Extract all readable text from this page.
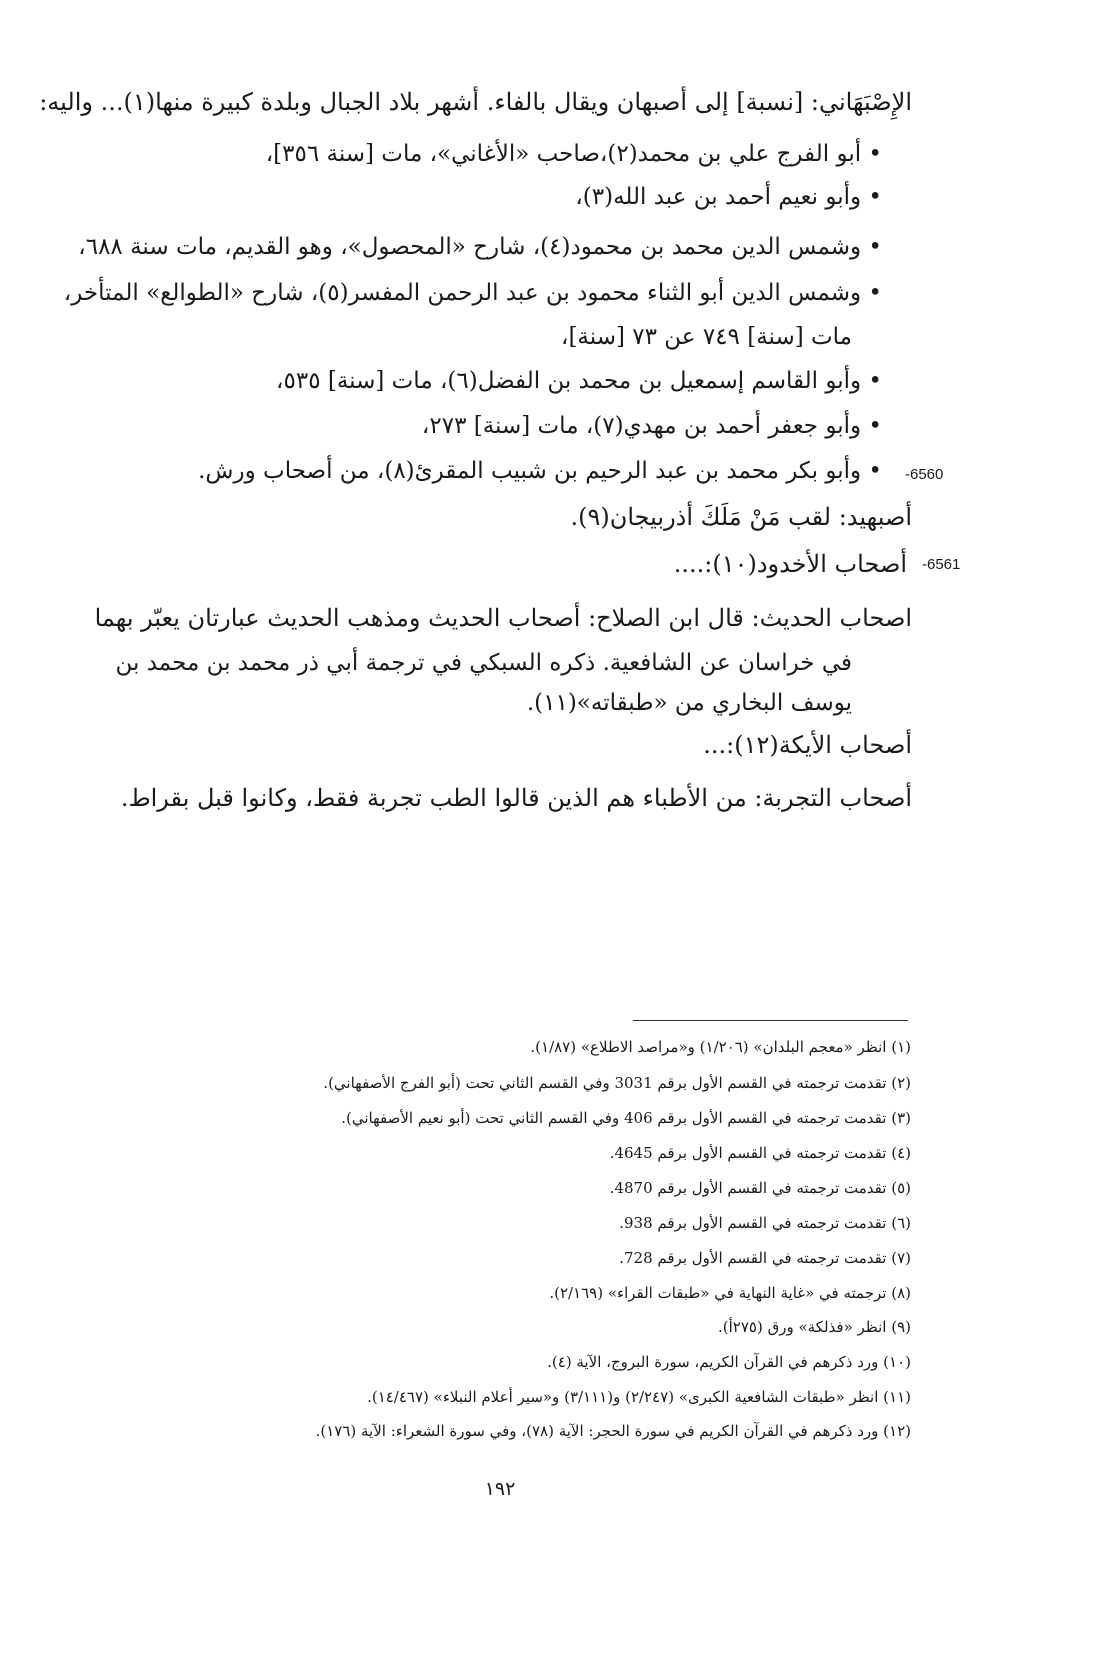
الإِصْبَهَاني: [نسبة] إلى أصبهان ويقال بالفاء. أشهر بلاد الجبال وبلدة كبيرة منها(١)... واليه:
• أبو الفرج علي بن محمد(٢)،صاحب «الأغاني»، مات [سنة ٣٥٦]،
• وأبو نعيم أحمد بن عبد الله(٣)،
• وشمس الدين محمد بن محمود(٤)، شارح «المحصول»، وهو القديم، مات سنة ٦٨٨،
• وشمس الدين أبو الثناء محمود بن عبد الرحمن المفسر(٥)، شارح «الطوالع» المتأخر،
مات [سنة] ٧٤٩ عن ٧٣ [سنة]،
• وأبو القاسم إسمعيل بن محمد بن الفضل(٦)، مات [سنة] ٥٣٥،
• وأبو جعفر أحمد بن مهدي(٧)، مات [سنة] ٢٧٣،
• وأبو بكر محمد بن عبد الرحيم بن شبيب المقرئ(٨)، من أصحاب ورش. -6560
أصبهيد: لقب مَنْ مَلَكَ أذربيجان(٩).
أصحاب الأخدود(١٠):.... -6561
اصحاب الحديث: قال ابن الصلاح: أصحاب الحديث ومذهب الحديث عبارتان يعبّر بهما
في خراسان عن الشافعية. ذكره السبكي في ترجمة أبي ذر محمد بن محمد بن
يوسف البخاري من «طبقاته»(١١).
أصحاب الأيكة(١٢):...
أصحاب التجربة: من الأطباء هم الذين قالوا الطب تجربة فقط، وكانوا قبل بقراط.
(١) انظر «معجم البلدان» (١/٢٠٦) و«مراصد الاطلاع» (١/٨٧).
(٢) تقدمت ترجمته في القسم الأول برقم 3031 وفي القسم الثاني تحت (أبو الفرج الأصفهاني).
(٣) تقدمت ترجمته في القسم الأول برقم 406 وفي القسم الثاني تحت (أبو نعيم الأصفهاني).
(٤) تقدمت ترجمته في القسم الأول برقم 4645.
(٥) تقدمت ترجمته في القسم الأول برقم 4870.
(٦) تقدمت ترجمته في القسم الأول برقم 938.
(٧) تقدمت ترجمته في القسم الأول برقم 728.
(٨) ترجمته في «غاية النهاية في «طبقات القراء» (٢/١٦٩).
(٩) انظر «فذلكة» ورق (٢٧٥أ).
(١٠) ورد ذكرهم في القرآن الكريم، سورة البروج، الآية (٤).
(١١) انظر «طبقات الشافعية الكبرى» (٢/٢٤٧) و(٣/١١١) و«سير أعلام النبلاء» (١٤/٤٦٧).
(١٢) ورد ذكرهم في القرآن الكريم في سورة الحجر: الآية (٧٨)، وفي سورة الشعراء: الآية (١٧٦).
١٩٢
